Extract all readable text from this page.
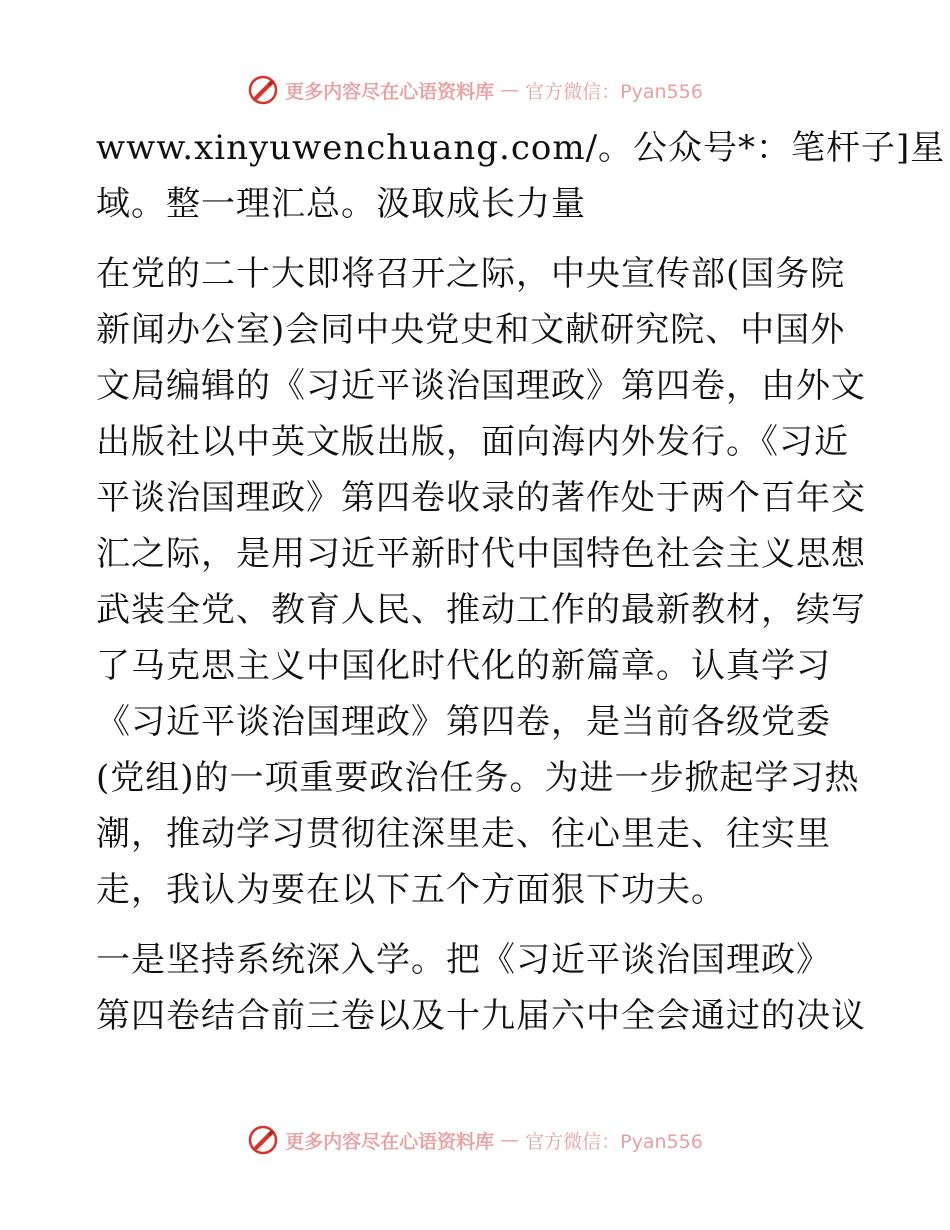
更多内容尽在心语资料库 — 官方微信：Pyan556
www.xinyuwenchuang.com/。公众号*：笔杆子]星
域。整一理汇总。汲取成长力量
在党的二十大即将召开之际，中央宣传部(国务院
新闻办公室)会同中央党史和文献研究院、中国外
文局编辑的《习近平谈治国理政》第四卷，由外文
出版社以中英文版出版，面向海内外发行。《习近
平谈治国理政》第四卷收录的著作处于两个百年交
汇之际，是用习近平新时代中国特色社会主义思想
武装全党、教育人民、推动工作的最新教材，续写
了马克思主义中国化时代化的新篇章。认真学习
《习近平谈治国理政》第四卷，是当前各级党委
(党组)的一项重要政治任务。为进一步掀起学习热
潮，推动学习贯彻往深里走、往心里走、往实里
走，我认为要在以下五个方面狠下功夫。
一是坚持系统深入学。把《习近平谈治国理政》
第四卷结合前三卷以及十九届六中全会通过的决议
更多内容尽在心语资料库 — 官方微信：Pyan556
